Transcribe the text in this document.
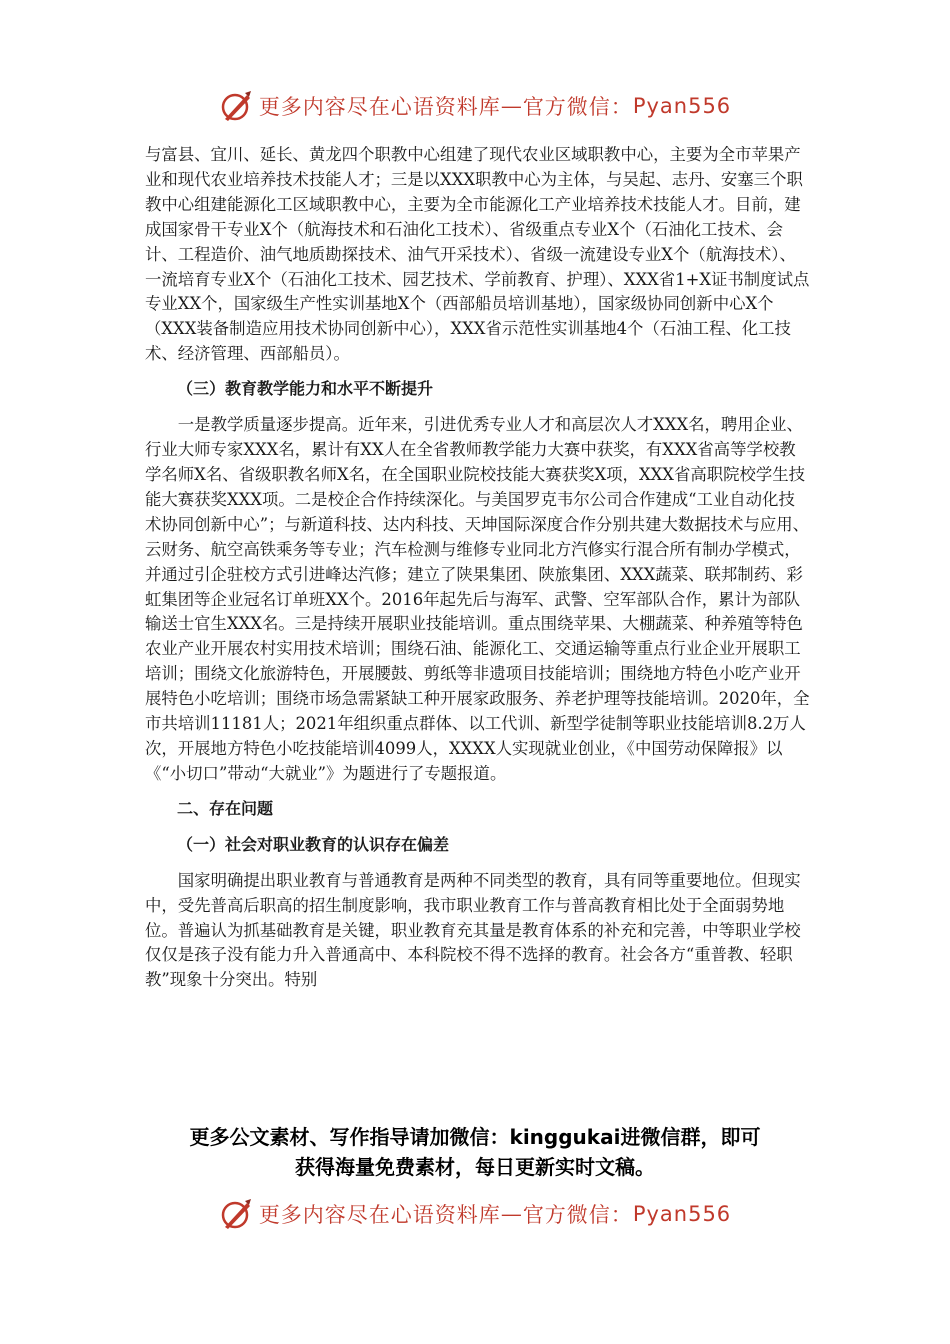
更多内容尽在心语资料库 — 官方微信： Pyan556

与富县、宜川、延长、黄龙四个职教中心组建了现代农业区域职教中心，主要为全市苹果产业和现代农业培养技术技能人才；三是以XXX职教中心为主体，与吴起、志丹、安塞三个职教中心组建能源化工区域职教中心，主要为全市能源化工产业培养技术技能人才。目前，建成国家骨干专业X个（航海技术和石油化工技术）、省级重点专业X个（石油化工技术、会计、工程造价、油气地质勘探技术、油气开采技术）、省级一流建设专业X个（航海技术）、一流培育专业X个（石油化工技术、园艺技术、学前教育、护理）、XXX省1+X证书制度试点专业XX个，国家级生产性实训基地X个（西部船员培训基地），国家级协同创新中心X个（XXX装备制造应用技术协同创新中心），XXX省示范性实训基地4个（石油工程、化工技术、经济管理、西部船员）。

（三）教育教学能力和水平不断提升

一是教学质量逐步提高。近年来，引进优秀专业人才和高层次人才XXX名，聘用企业、行业大师专家XXX名，累计有XX人在全省教师教学能力大赛中获奖，有XXX省高等学校教学名师X名、省级职教名师X名，在全国职业院校技能大赛获奖X项，XXX省高职院校学生技能大赛获奖XXX项。二是校企合作持续深化。与美国罗克韦尔公司合作建成“工业自动化技术协同创新中心”；与新道科技、达内科技、天坤国际深度合作分别共建大数据技术与应用、云财务、航空高铁乘务等专业；汽车检测与维修专业同北方汽修实行混合所有制办学模式，并通过引企驻校方式引进峰达汽修；建立了陕果集团、陕旅集团、XXX蔬菜、联邦制药、彩虹集团等企业冠名订单班XX个。2016年起先后与海军、武警、空军部队合作，累计为部队输送士官生XXX名。三是持续开展职业技能培训。重点围绕苹果、大棚蔬菜、种养殖等特色农业产业开展农村实用技术培训；围绕石油、能源化工、交通运输等重点行业企业开展职工培训；围绕文化旅游特色，开展腰鼓、剪纸等非遗项目技能培训；围绕地方特色小吃产业开展特色小吃培训；围绕市场急需紧缺工种开展家政服务、养老护理等技能培训。2020年，全市共培训11181人；2021年组织重点群体、以工代训、新型学徒制等职业技能培训8.2万人次，开展地方特色小吃技能培训4099人，XXXX人实现就业创业，《中国劳动保障报》以《“小切口”带动“大就业”》为题进行了专题报道。

二、存在问题

（一）社会对职业教育的认识存在偏差

国家明确提出职业教育与普通教育是两种不同类型的教育，具有同等重要地位。但现实中，受先普高后职高的招生制度影响，我市职业教育工作与普高教育相比处于全面弱势地位。普遍认为抓基础教育是关键，职业教育充其量是教育体系的补充和完善，中等职业学校仅仅是孩子没有能力升入普通高中、本科院校不得不选择的教育。社会各方“重普教、轻职教”现象十分突出。特别

更多公文素材、写作指导请加微信：kinggukai进微信群，即可
获得海量免费素材，每日更新实时文稿。
更多内容尽在心语资料库 — 官方微信： Pyan556
